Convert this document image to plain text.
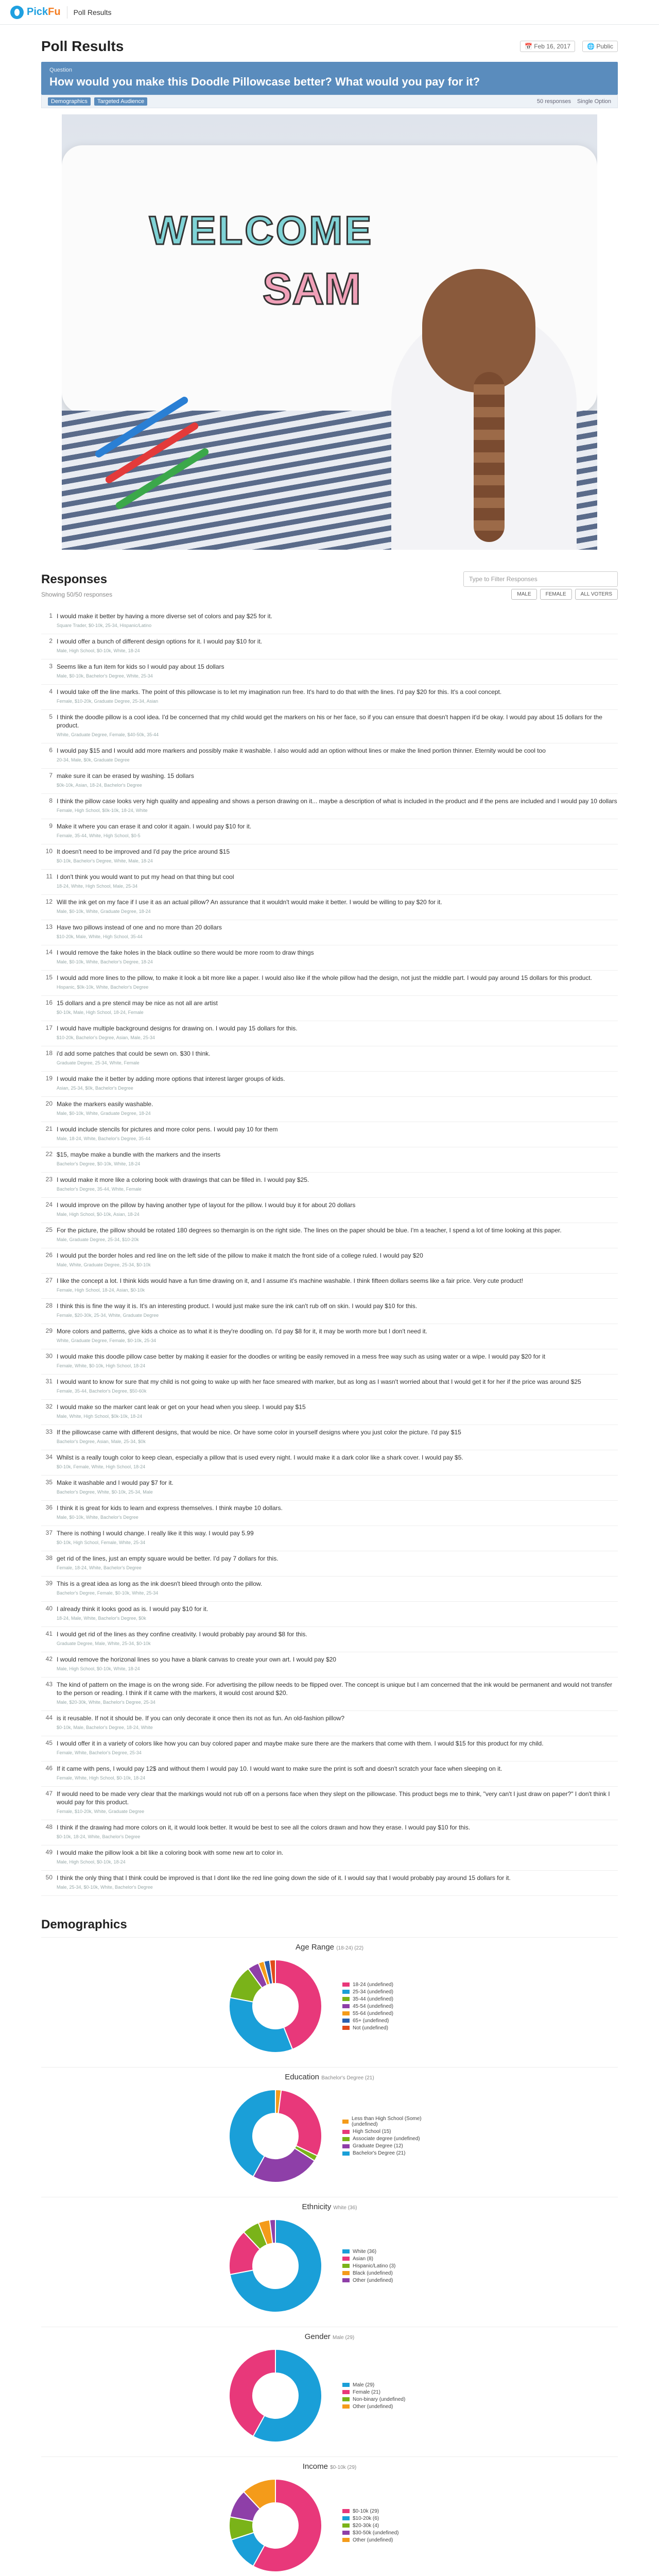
PickFu Poll Results
Poll Results	📅 Feb 16, 2017	🌐 Public
Question
How would you make this Doodle Pillowcase better? What would you pay for it?
Demographics Targeted Audience	50 responses Single Option
WELCOME
SAM
Responses	Type to Filter Responses
Showing 50/50 responses	MALE	FEMALE	ALL VOTERS
1 I would make it better by having a more diverse set of colors and pay $25 for it.
Square Trader, $0-10k, 25-34, Hispanic/Latino
2 I would offer a bunch of different design options for it. I would pay $10 for it.
Male, High School, $0-10k, White, 18-24
3 Seems like a fun item for kids so I would pay about 15 dollars
Male, $0-10k, Bachelor's Degree, White, 25-34
4 I would take off the line marks. The point of this pillowcase is to let my imagination run free. It's hard to do that with the lines. I'd pay $20 for this. It's a cool concept.
Female, $10-20k, Graduate Degree, 25-34, Asian
5 I think the doodle pillow is a cool idea. I'd be concerned that my child would get the markers on his or her face, so if you can ensure that doesn't happen it'd be okay. I would pay about 15 dollars for the product.
White, Graduate Degree, Female, $40-50k, 35-44
6 I would pay $15 and I would add more markers and possibly make it washable. I also would add an option without lines or make the lined portion thinner. Eternity would be cool too
20-34, Male, $0k, Graduate Degree
7 make sure it can be erased by washing. 15 dollars
$0k-10k, Asian, 18-24, Bachelor's Degree
8 I think the pillow case looks very high quality and appealing and shows a person drawing on it... maybe a description of what is included in the product and if the pens are included and I would pay 10 dollars
Female, High School, $0k-10k, 18-24, White
9 Make it where you can erase it and color it again. I would pay $10 for it.
Female, 35-44, White, High School, $0-5
10 It doesn't need to be improved and I'd pay the price around $15
$0-10k, Bachelor's Degree, White, Male, 18-24
11 I don't think you would want to put my head on that thing but cool
18-24, White, High School, Male, 25-34
12 Will the ink get on my face if I use it as an actual pillow? An assurance that it wouldn't would make it better. I would be willing to pay $20 for it.
Male, $0-10k, White, Graduate Degree, 18-24
13 Have two pillows instead of one and no more than 20 dollars
$10-20k, Male, White, High School, 35-44
14 I would remove the fake holes in the black outline so there would be more room to draw things
Male, $0-10k, White, Bachelor's Degree, 18-24
15 I would add more lines to the pillow, to make it look a bit more like a paper. I would also like if the whole pillow had the design, not just the middle part. I would pay around 15 dollars for this product.
Hispanic, $0k-10k, White, Bachelor's Degree
16 15 dollars and a pre stencil may be nice as not all are artist
$0-10k, Male, High School, 18-24, Female
17 I would have multiple background designs for drawing on. I would pay 15 dollars for this.
$10-20k, Bachelor's Degree, Asian, Male, 25-34
18 i'd add some patches that could be sewn on. $30 I think.
Graduate Degree, 25-34, White, Female
19 I would make the it better by adding more options that interest larger groups of kids.
Asian, 25-34, $0k, Bachelor's Degree
20 Make the markers easily washable.
Male, $0-10k, White, Graduate Degree, 18-24
21 I would include stencils for pictures and more color pens. I would pay 10 for them
Male, 18-24, White, Bachelor's Degree, 35-44
22 $15, maybe make a bundle with the markers and the inserts
Bachelor's Degree, $0-10k, White, 18-24
23 I would make it more like a coloring book with drawings that can be filled in. I would pay $25.
Bachelor's Degree, 35-44, White, Female
24 I would improve on the pillow by having another type of layout for the pillow. I would buy it for about 20 dollars
Male, High School, $0-10k, Asian, 18-24
25 For the picture, the pillow should be rotated 180 degrees so themargin is on the right side. The lines on the paper should be blue. I'm a teacher, I spend a lot of time looking at this paper.
Male, Graduate Degree, 25-34, $10-20k
26 I would put the border holes and red line on the left side of the pillow to make it match the front side of a college ruled. I would pay $20
Male, White, Graduate Degree, 25-34, $0-10k
27 I like the concept a lot. I think kids would have a fun time drawing on it, and I assume it's machine washable. I think fifteen dollars seems like a fair price. Very cute product!
Female, High School, 18-24, Asian, $0-10k
28 I think this is fine the way it is. It's an interesting product. I would just make sure the ink can't rub off on skin. I would pay $10 for this.
Female, $20-30k, 25-34, White, Graduate Degree
29 More colors and patterns, give kids a choice as to what it is they're doodling on. I'd pay $8 for it, it may be worth more but I don't need it.
White, Graduate Degree, Female, $0-10k, 25-34
30 I would make this doodle pillow case better by making it easier for the doodles or writing be easily removed in a mess free way such as using water or a wipe. I would pay $20 for it
Female, White, $0-10k, High School, 18-24
31 I would want to know for sure that my child is not going to wake up with her face smeared with marker, but as long as I wasn't worried about that I would get it for her if the price was around $25
Female, 35-44, Bachelor's Degree, $50-60k
32 I would make so the marker cant leak or get on your head when you sleep. I would pay $15
Male, White, High School, $0k-10k, 18-24
33 If the pillowcase came with different designs, that would be nice. Or have some color in yourself designs where you just color the picture. I'd pay $15
Bachelor's Degree, Asian, Male, 25-34, $0k
34 Whilst is a really tough color to keep clean, especially a pillow that is used every night. I would make it a dark color like a shark cover. I would pay $5.
$0-10k, Female, White, High School, 18-24
35 Make it washable and I would pay $7 for it.
Bachelor's Degree, White, $0-10k, 25-34, Male
36 I think it is great for kids to learn and express themselves. I think maybe 10 dollars.
Male, $0-10k, White, Bachelor's Degree
37 There is nothing I would change. I really like it this way. I would pay 5.99
$0-10k, High School, Female, White, 25-34
38 get rid of the lines, just an empty square would be better. I'd pay 7 dollars for this.
Female, 18-24, White, Bachelor's Degree
39 This is a great idea as long as the ink doesn't bleed through onto the pillow.
Bachelor's Degree, Female, $0-10k, White, 25-34
40 I already think it looks good as is. I would pay $10 for it.
18-24, Male, White, Bachelor's Degree, $0k
41 I would get rid of the lines as they confine creativity. I would probably pay around $8 for this.
Graduate Degree, Male, White, 25-34, $0-10k
42 I would remove the horizonal lines so you have a blank canvas to create your own art. I would pay $20
Male, High School, $0-10k, White, 18-24
43 The kind of pattern on the image is on the wrong side. For advertising the pillow needs to be flipped over. The concept is unique but I am concerned that the ink would be permanent and would not transfer to the person or reading. I think if it came with the markers, it would cost around $20.
Male, $20-30k, White, Bachelor's Degree, 25-34
44 is it reusable. If not it should be. If you can only decorate it once then its not as fun. An old-fashion pillow?
$0-10k, Male, Bachelor's Degree, 18-24, White
45 I would offer it in a variety of colors like how you can buy colored paper and maybe make sure there are the markers that come with them. I would $15 for this product for my child.
Female, White, Bachelor's Degree, 25-34
46 If it came with pens, I would pay 12$ and without them I would pay 10. I would want to make sure the print is soft and doesn't scratch your face when sleeping on it.
Female, White, High School, $0-10k, 18-24
47 If would need to be made very clear that the markings would not rub off on a persons face when they slept on the pillowcase. This product begs me to think, "very can't I just draw on paper?" I don't think I would pay for this product.
Female, $10-20k, White, Graduate Degree
48 I think if the drawing had more colors on it, it would look better. It would be best to see all the colors drawn and how they erase. I would pay $10 for this.
$0-10k, 18-24, White, Bachelor's Degree
49 I would make the pillow look a bit like a coloring book with some new art to color in.
Male, High School, $0-10k, 18-24
50 I think the only thing that I think could be improved is that I dont like the red line going down the side of it. I would say that I would probably pay around 15 dollars for it.
Male, 25-34, $0-10k, White, Bachelor's Degree
Demographics
Age Range (18-24) (22)
18-24 (undefined)
25-34 (undefined)
35-44 (undefined)
45-54 (undefined)
55-64 (undefined)
65+ (undefined)
Not (undefined)
Education Bachelor's Degree (21)
Less than High School (Some) (undefined)
High School (15)
Associate degree (undefined)
Graduate Degree (12)
Bachelor's Degree (21)
Ethnicity White (36)
White (36)
Asian (8)
Hispanic/Latino (3)
Black (undefined)
Other (undefined)
Gender Male (29)
Male (29)
Female (21)
Non-binary (undefined)
Other (undefined)
Income $0-10k (29)
$0-10k (29)
$10-20k (6)
$20-30k (4)
$30-50k (undefined)
Other (undefined)
